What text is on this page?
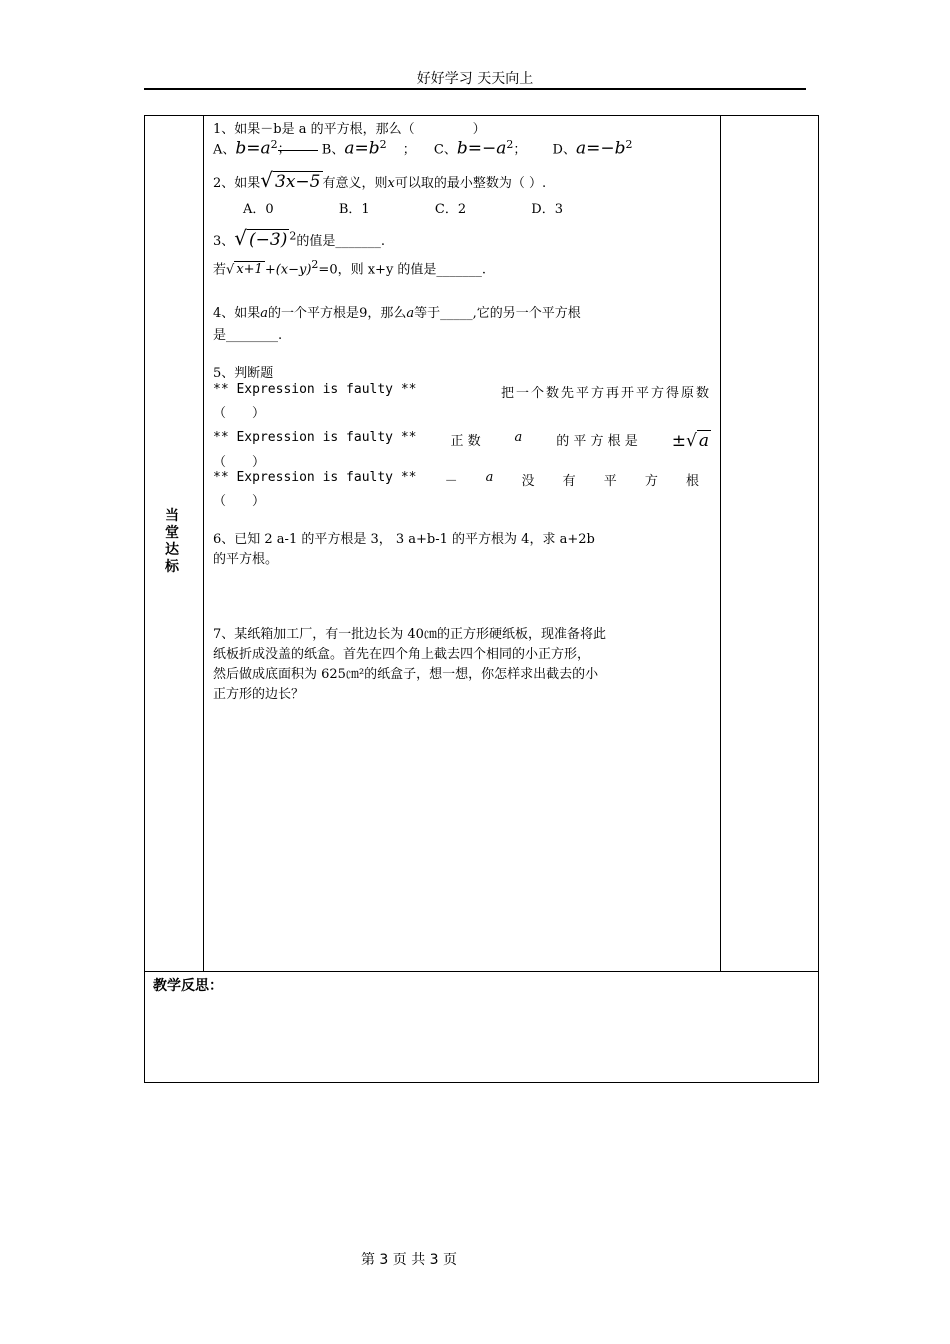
好好学习 天天向上
当堂达标
1、如果－b是 a 的平方根，那么（	）
A、$b=a^2$； B、$a=b^2$ ； C、$b=-a^2$； D、$a=-b^2$
2、如果√ 3x−5 有意义，则x可以取的最小整数为（ ）.
A．0	B．1	C．2	D．3
3、√ (−3) $^2$的值是_______.
若√ $x+1 +(x-y)^2=0$，则 x+y 的值是_______.
4、如果a的一个平方根是9，那么a等于_____,它的另一个平方根
是________.
5、判断题
** Expression is faulty **	把一个数先平方再开平方得原数
（　　）
** Expression is faulty **	正 数	a	的 平 方 根 是 ±√ a
（　　）
** Expression is faulty ** － a 没 有 平 方 根
（　　）
6、已知 2 a-1 的平方根是 3， 3 a+b-1 的平方根为 4，求 a+2b
的平方根。
7、某纸箱加工厂，有一批边长为 40㎝的正方形硬纸板，现准备将此
纸板折成没盖的纸盒。首先在四个角上截去四个相同的小正方形，
然后做成底面积为 625㎝²的纸盒子，想一想，你怎样求出截去的小
正方形的边长？
教学反思：
第 3 页 共 3 页
